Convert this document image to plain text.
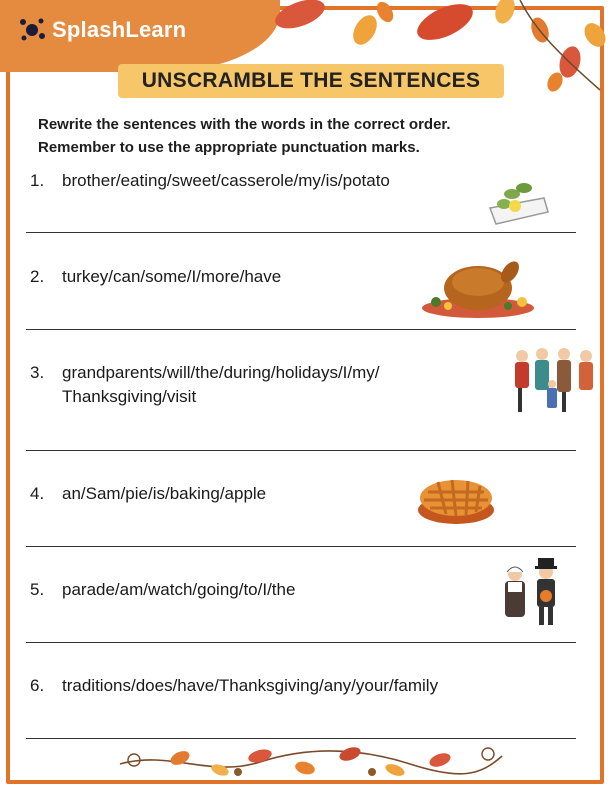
SplashLearn
UNSCRAMBLE THE SENTENCES
Rewrite the sentences with the words in the correct order.
Remember to use the appropriate punctuation marks.
1.	brother/eating/sweet/casserole/my/is/potato
2.	turkey/can/some/I/more/have
3.	grandparents/will/the/during/holidays/I/my/ Thanksgiving/visit
4.	an/Sam/pie/is/baking/apple
5.	parade/am/watch/going/to/I/the
6.	traditions/does/have/Thanksgiving/any/your/family
